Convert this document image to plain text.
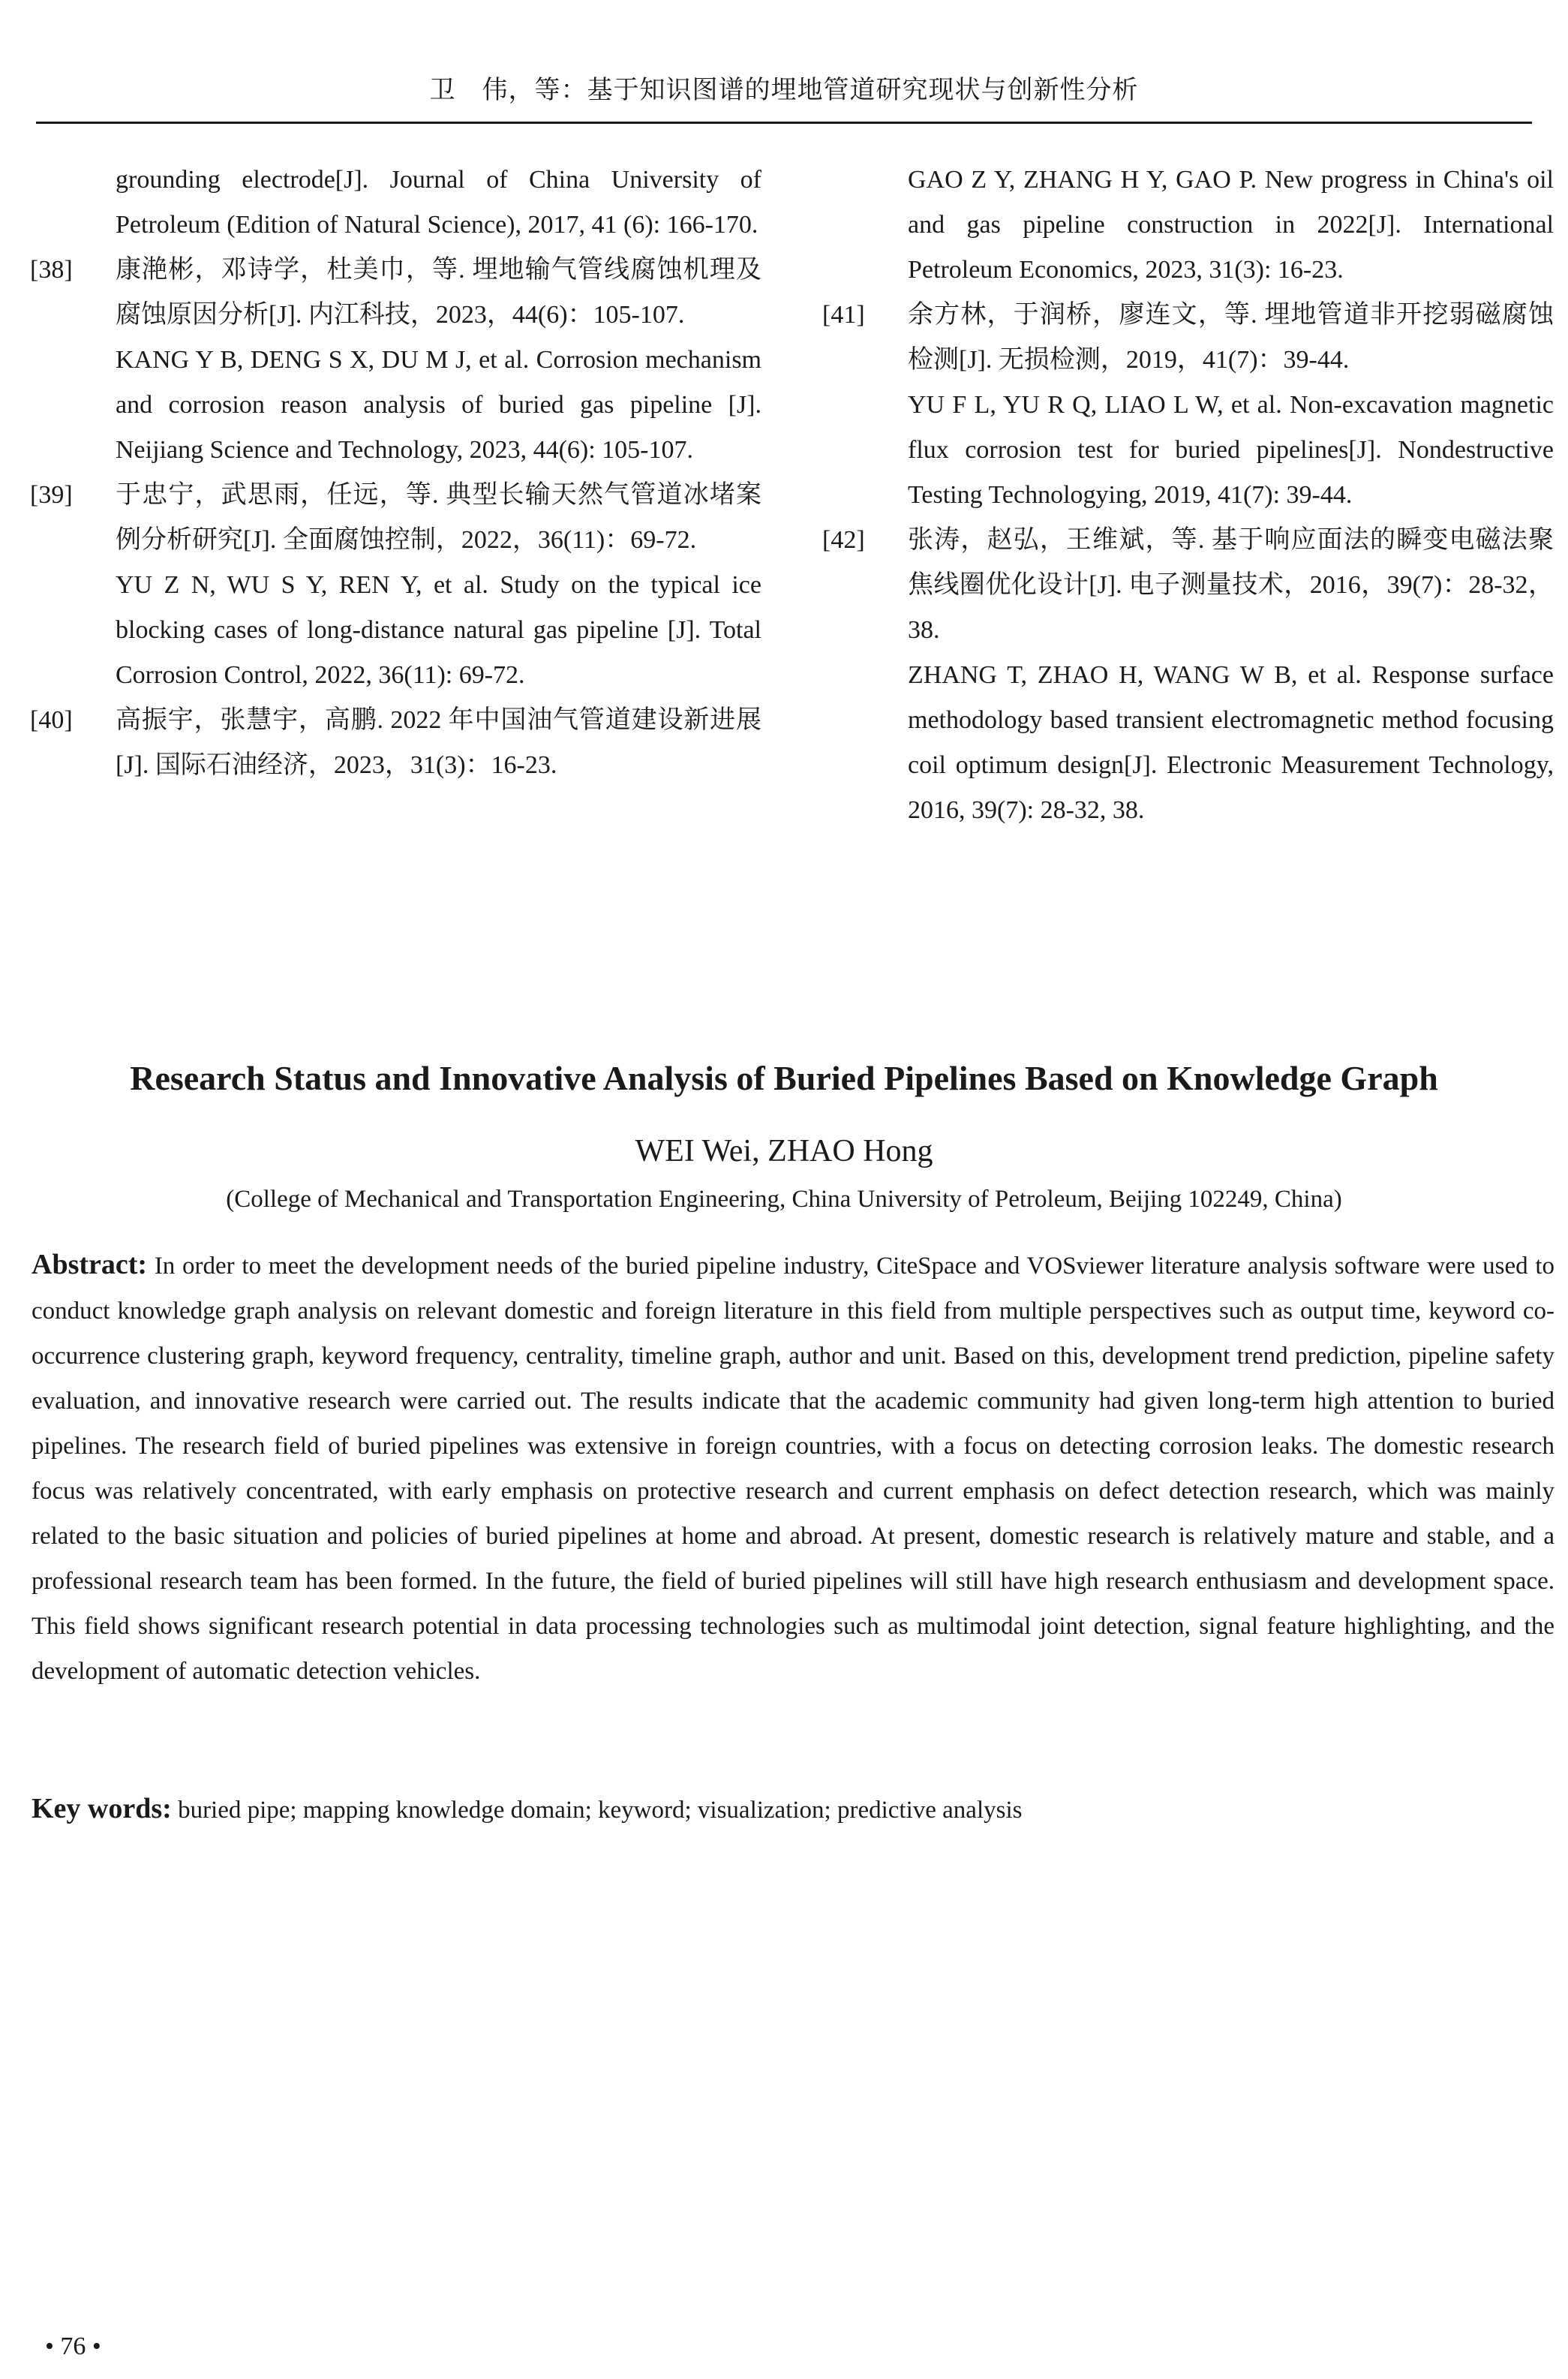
卫　伟，等：基于知识图谱的埋地管道研究现状与创新性分析

grounding electrode[J]. Journal of China University of Petroleum (Edition of Natural Science), 2017, 41 (6): 166-170.

[38]	康滟彬，邓诗学，杜美巾，等. 埋地输气管线腐蚀机理及腐蚀原因分析[J]. 内江科技，2023，44(6)：105-107.

KANG Y B, DENG S X, DU M J, et al. Corrosion mechanism and corrosion reason analysis of buried gas pipeline [J]. Neijiang Science and Technology, 2023, 44(6): 105-107.

[39]	于忠宁，武思雨，任远，等. 典型长输天然气管道冰堵案例分析研究[J]. 全面腐蚀控制，2022，36(11)：69-72.

YU Z N, WU S Y, REN Y, et al. Study on the typical ice blocking cases of long-distance natural gas pipeline [J]. Total Corrosion Control, 2022, 36(11): 69-72.

[40]	高振宇，张慧宇，高鹏. 2022 年中国油气管道建设新进展[J]. 国际石油经济，2023，31(3)：16-23.

GAO Z Y, ZHANG H Y, GAO P. New progress in China's oil and gas pipeline construction in 2022[J]. International Petroleum Economics, 2023, 31(3): 16-23.

[41]	余方林，于润桥，廖连文，等. 埋地管道非开挖弱磁腐蚀检测[J]. 无损检测，2019，41(7)：39-44.

YU F L, YU R Q, LIAO L W, et al. Non-excavation magnetic flux corrosion test for buried pipelines[J]. Nondestructive Testing Technologying, 2019, 41(7): 39-44.

[42]	张涛，赵弘，王维斌，等. 基于响应面法的瞬变电磁法聚焦线圈优化设计[J]. 电子测量技术，2016，39(7)：28-32，38.

ZHANG T, ZHAO H, WANG W B, et al. Response surface methodology based transient electromagnetic method focusing coil optimum design[J]. Electronic Measurement Technology, 2016, 39(7): 28-32, 38.

Research Status and Innovative Analysis of Buried Pipelines Based on Knowledge Graph
WEI Wei, ZHAO Hong
(College of Mechanical and Transportation Engineering, China University of Petroleum, Beijing 102249, China)

Abstract: In order to meet the development needs of the buried pipeline industry, CiteSpace and VOSviewer literature analysis software were used to conduct knowledge graph analysis on relevant domestic and foreign literature in this field from multiple perspectives such as output time, keyword co-occurrence clustering graph, keyword frequency, centrality, timeline graph, author and unit. Based on this, development trend prediction, pipeline safety evaluation, and innovative research were carried out. The results indicate that the academic community had given long-term high attention to buried pipelines. The research field of buried pipelines was extensive in foreign countries, with a focus on detecting corrosion leaks. The domestic research focus was relatively concentrated, with early emphasis on protective research and current emphasis on defect detection research, which was mainly related to the basic situation and policies of buried pipelines at home and abroad. At present, domestic research is relatively mature and stable, and a professional research team has been formed. In the future, the field of buried pipelines will still have high research enthusiasm and development space. This field shows significant research potential in data processing technologies such as multimodal joint detection, signal feature highlighting, and the development of automatic detection vehicles.

Key words: buried pipe; mapping knowledge domain; keyword; visualization; predictive analysis

• 76 •
